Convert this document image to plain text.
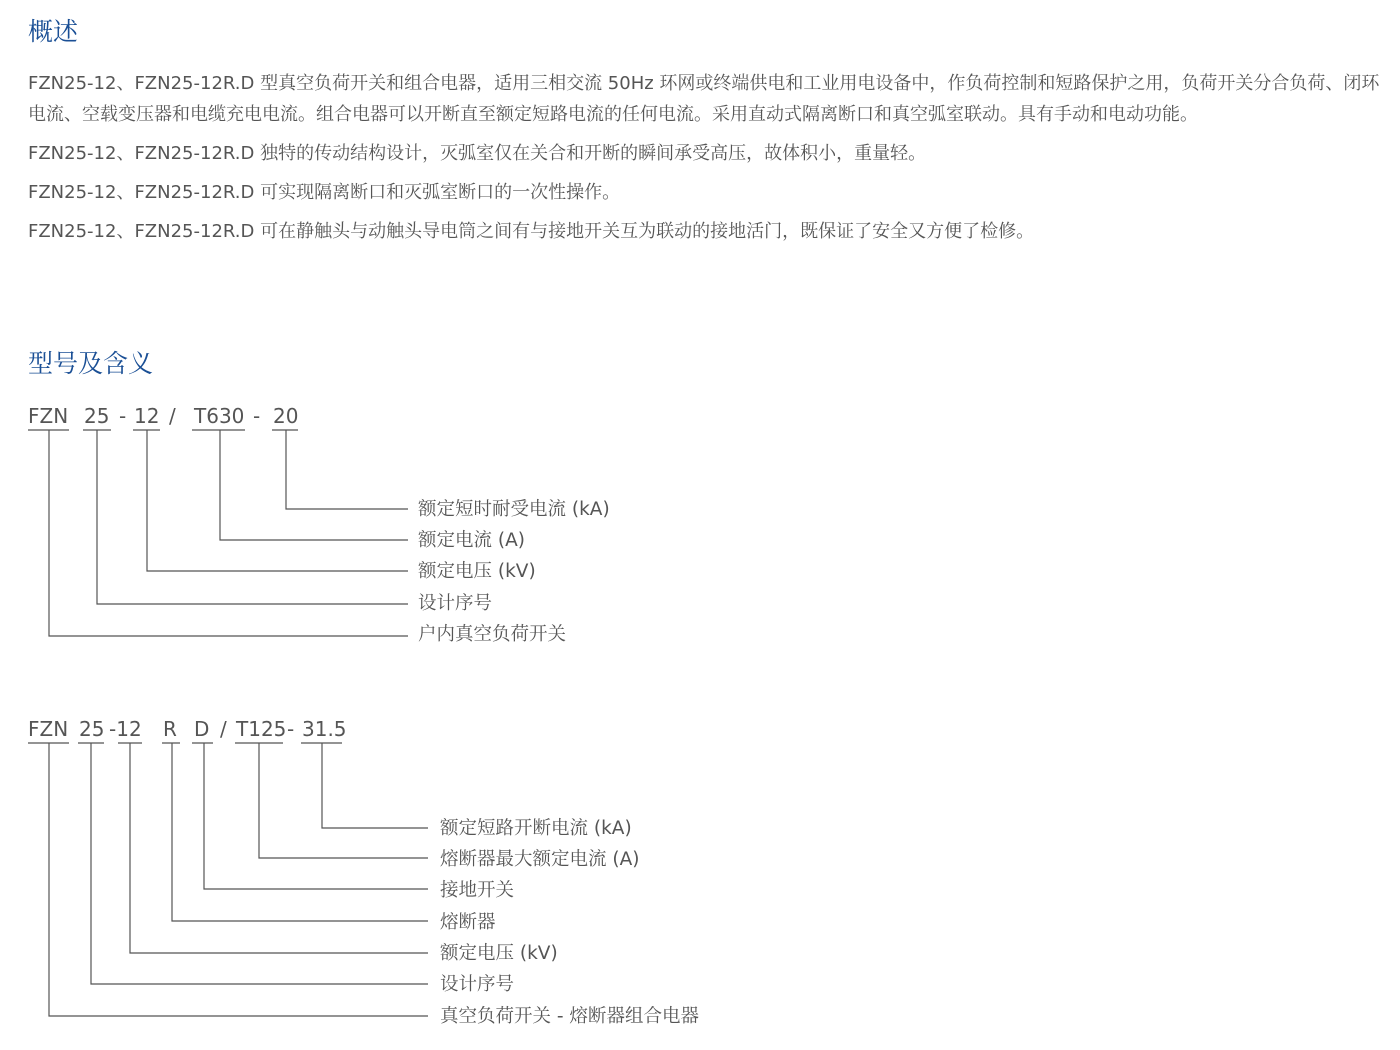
概述

FZN25-12、FZN25-12R.D 型真空负荷开关和组合电器，适用三相交流 50Hz 环网或终端供电和工业用电设备中，作负荷控制和短路保护之用，负荷开关分合负荷、闭环电流、空载变压器和电缆充电电流。组合电器可以开断直至额定短路电流的任何电流。采用直动式隔离断口和真空弧室联动。具有手动和电动功能。

FZN25-12、FZN25-12R.D 独特的传动结构设计，灭弧室仅在关合和开断的瞬间承受高压，故体积小，重量轻。

FZN25-12、FZN25-12R.D 可实现隔离断口和灭弧室断口的一次性操作。

FZN25-12、FZN25-12R.D 可在静触头与动触头导电筒之间有与接地开关互为联动的接地活门，既保证了安全又方便了检修。

型号及含义
FZN 25 - 12 / T630 - 20
额定短时耐受电流 (kA)
额定电流 (A)
额定电压 (kV)
设计序号
户内真空负荷开关
FZN 25 -12 R D / T125 - 31.5
额定短路开断电流 (kA)
熔断器最大额定电流 (A)
接地开关
熔断器
额定电压 (kV)
设计序号
真空负荷开关 - 熔断器组合电器
